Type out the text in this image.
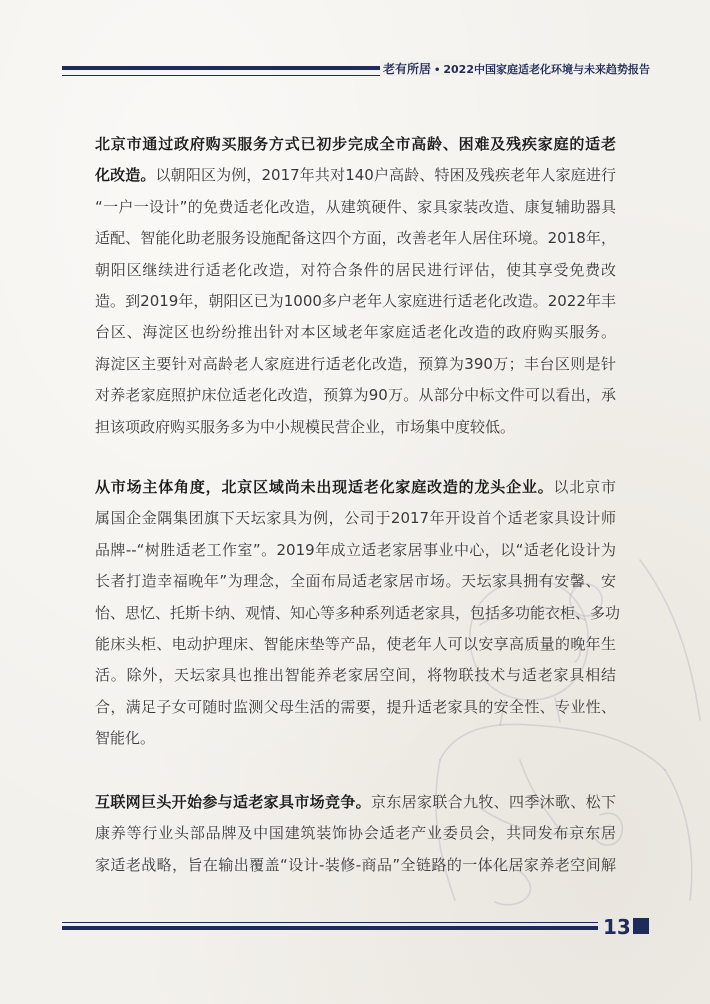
老有所居 • 2022中国家庭适老化环境与未来趋势报告
北京市通过政府购买服务方式已初步完成全市高龄、困难及残疾家庭的适老
化改造。以朝阳区为例，2017年共对140户高龄、特困及残疾老年人家庭进行
“一户一设计”的免费适老化改造，从建筑硬件、家具家装改造、康复辅助器具
适配、智能化助老服务设施配备这四个方面，改善老年人居住环境。2018年，
朝阳区继续进行适老化改造，对符合条件的居民进行评估，使其享受免费改
造。到2019年，朝阳区已为1000多户老年人家庭进行适老化改造。2022年丰
台区、海淀区也纷纷推出针对本区域老年家庭适老化改造的政府购买服务。
海淀区主要针对高龄老人家庭进行适老化改造，预算为390万；丰台区则是针
对养老家庭照护床位适老化改造，预算为90万。从部分中标文件可以看出，承
担该项政府购买服务多为中小规模民营企业，市场集中度较低。
从市场主体角度，北京区域尚未出现适老化家庭改造的龙头企业。以北京市
属国企金隅集团旗下天坛家具为例，公司于2017年开设首个适老家具设计师
品牌--“树胜适老工作室”。2019年成立适老家居事业中心，以“适老化设计为
长者打造幸福晚年”为理念，全面布局适老家居市场。天坛家具拥有安馨、安
怡、思忆、托斯卡纳、观情、知心等多种系列适老家具，包括多功能衣柜、多功
能床头柜、电动护理床、智能床垫等产品，使老年人可以安享高质量的晚年生
活。除外，天坛家具也推出智能养老家居空间，将物联技术与适老家具相结
合，满足子女可随时监测父母生活的需要，提升适老家具的安全性、专业性、
智能化。
互联网巨头开始参与适老家具市场竞争。京东居家联合九牧、四季沐歌、松下
康养等行业头部品牌及中国建筑装饰协会适老产业委员会，共同发布京东居
家适老战略，旨在输出覆盖“设计-装修-商品”全链路的一体化居家养老空间解
13
